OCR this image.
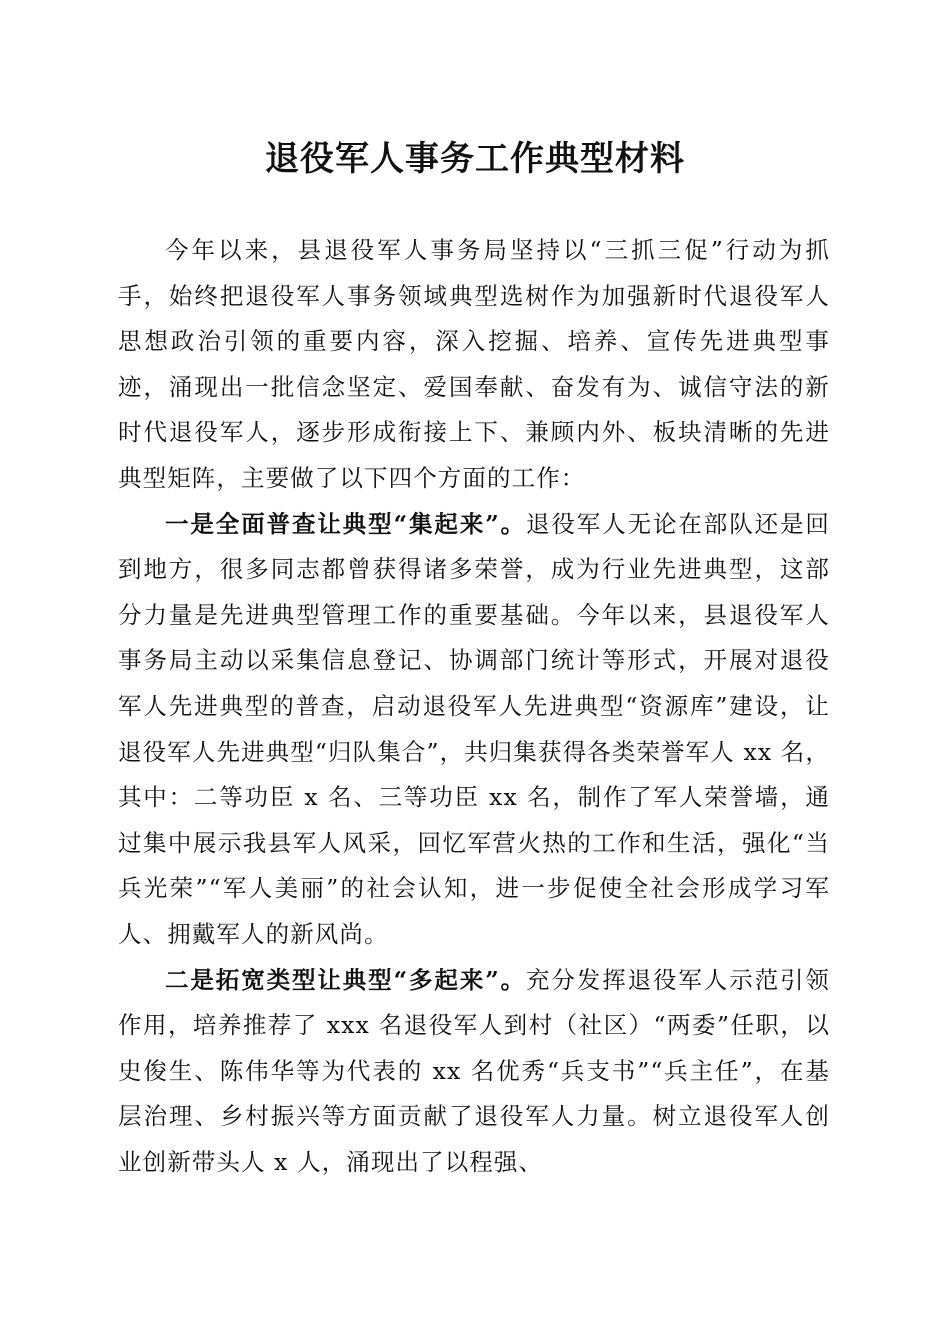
退役军人事务工作典型材料

今年以来，县退役军人事务局坚持以“三抓三促”行动为抓手，始终把退役军人事务领域典型选树作为加强新时代退役军人思想政治引领的重要内容，深入挖掘、培养、宣传先进典型事迹，涌现出一批信念坚定、爱国奉献、奋发有为、诚信守法的新时代退役军人，逐步形成衔接上下、兼顾内外、板块清晰的先进典型矩阵，主要做了以下四个方面的工作：

一是全面普查让典型“集起来”。退役军人无论在部队还是回到地方，很多同志都曾获得诸多荣誉，成为行业先进典型，这部分力量是先进典型管理工作的重要基础。今年以来，县退役军人事务局主动以采集信息登记、协调部门统计等形式，开展对退役军人先进典型的普查，启动退役军人先进典型“资源库”建设，让退役军人先进典型“归队集合”，共归集获得各类荣誉军人 xx 名，其中：二等功臣 x 名、三等功臣 xx 名，制作了军人荣誉墙，通过集中展示我县军人风采，回忆军营火热的工作和生活，强化“当兵光荣”“军人美丽”的社会认知，进一步促使全社会形成学习军人、拥戴军人的新风尚。

二是拓宽类型让典型“多起来”。充分发挥退役军人示范引领作用，培养推荐了 xxx 名退役军人到村（社区）“两委”任职，以史俊生、陈伟华等为代表的 xx 名优秀“兵支书”“兵主任”，在基层治理、乡村振兴等方面贡献了退役军人力量。树立退役军人创业创新带头人 x 人，涌现出了以程强、
